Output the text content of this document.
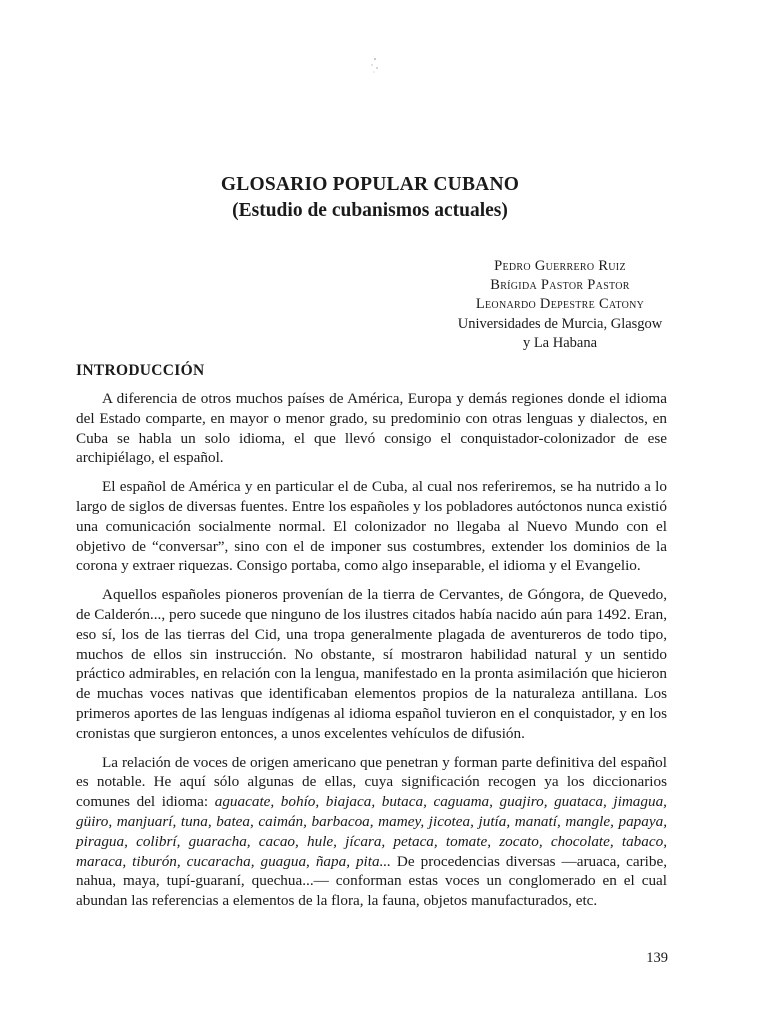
GLOSARIO POPULAR CUBANO
(Estudio de cubanismos actuales)
Pedro Guerrero Ruiz
Brígida Pastor Pastor
Leonardo Depestre Catony
Universidades de Murcia, Glasgow
y La Habana
INTRODUCCIÓN

A diferencia de otros muchos países de América, Europa y demás regiones donde el idioma del Estado comparte, en mayor o menor grado, su predominio con otras lenguas y dialectos, en Cuba se habla un solo idioma, el que llevó consigo el conquistador-colonizador de ese archipiélago, el español.

El español de América y en particular el de Cuba, al cual nos referiremos, se ha nutrido a lo largo de siglos de diversas fuentes. Entre los españoles y los pobladores autóctonos nunca existió una comunicación socialmente normal. El colonizador no llegaba al Nuevo Mundo con el objetivo de “conversar”, sino con el de imponer sus costumbres, extender los dominios de la corona y extraer riquezas. Consigo portaba, como algo inseparable, el idioma y el Evangelio.

Aquellos españoles pioneros provenían de la tierra de Cervantes, de Góngora, de Quevedo, de Calderón..., pero sucede que ninguno de los ilustres citados había nacido aún para 1492. Eran, eso sí, los de las tierras del Cid, una tropa generalmente plagada de aventureros de todo tipo, muchos de ellos sin instrucción. No obstante, sí mostraron habilidad natural y un sentido práctico admirables, en relación con la lengua, manifestado en la pronta asimilación que hicieron de muchas voces nativas que identificaban elementos propios de la naturaleza antillana. Los primeros aportes de las lenguas indígenas al idioma español tuvieron en el conquistador, y en los cronistas que surgieron entonces, a unos excelentes vehículos de difusión.

La relación de voces de origen americano que penetran y forman parte definitiva del español es notable. He aquí sólo algunas de ellas, cuya significación recogen ya los diccionarios comunes del idioma: aguacate, bohío, biajaca, butaca, caguama, guajiro, guataca, jimagua, güiro, manjuarí, tuna, batea, caimán, barbacoa, mamey, jicotea, jutía, manatí, mangle, papaya, piragua, colibrí, guaracha, cacao, hule, jícara, petaca, tomate, zocato, chocolate, tabaco, maraca, tiburón, cucaracha, guagua, ñapa, pita... De procedencias diversas —aruaca, caribe, nahua, maya, tupí-guaraní, quechua...— conforman estas voces un conglomerado en el cual abundan las referencias a elementos de la flora, la fauna, objetos manufacturados, etc.

139
